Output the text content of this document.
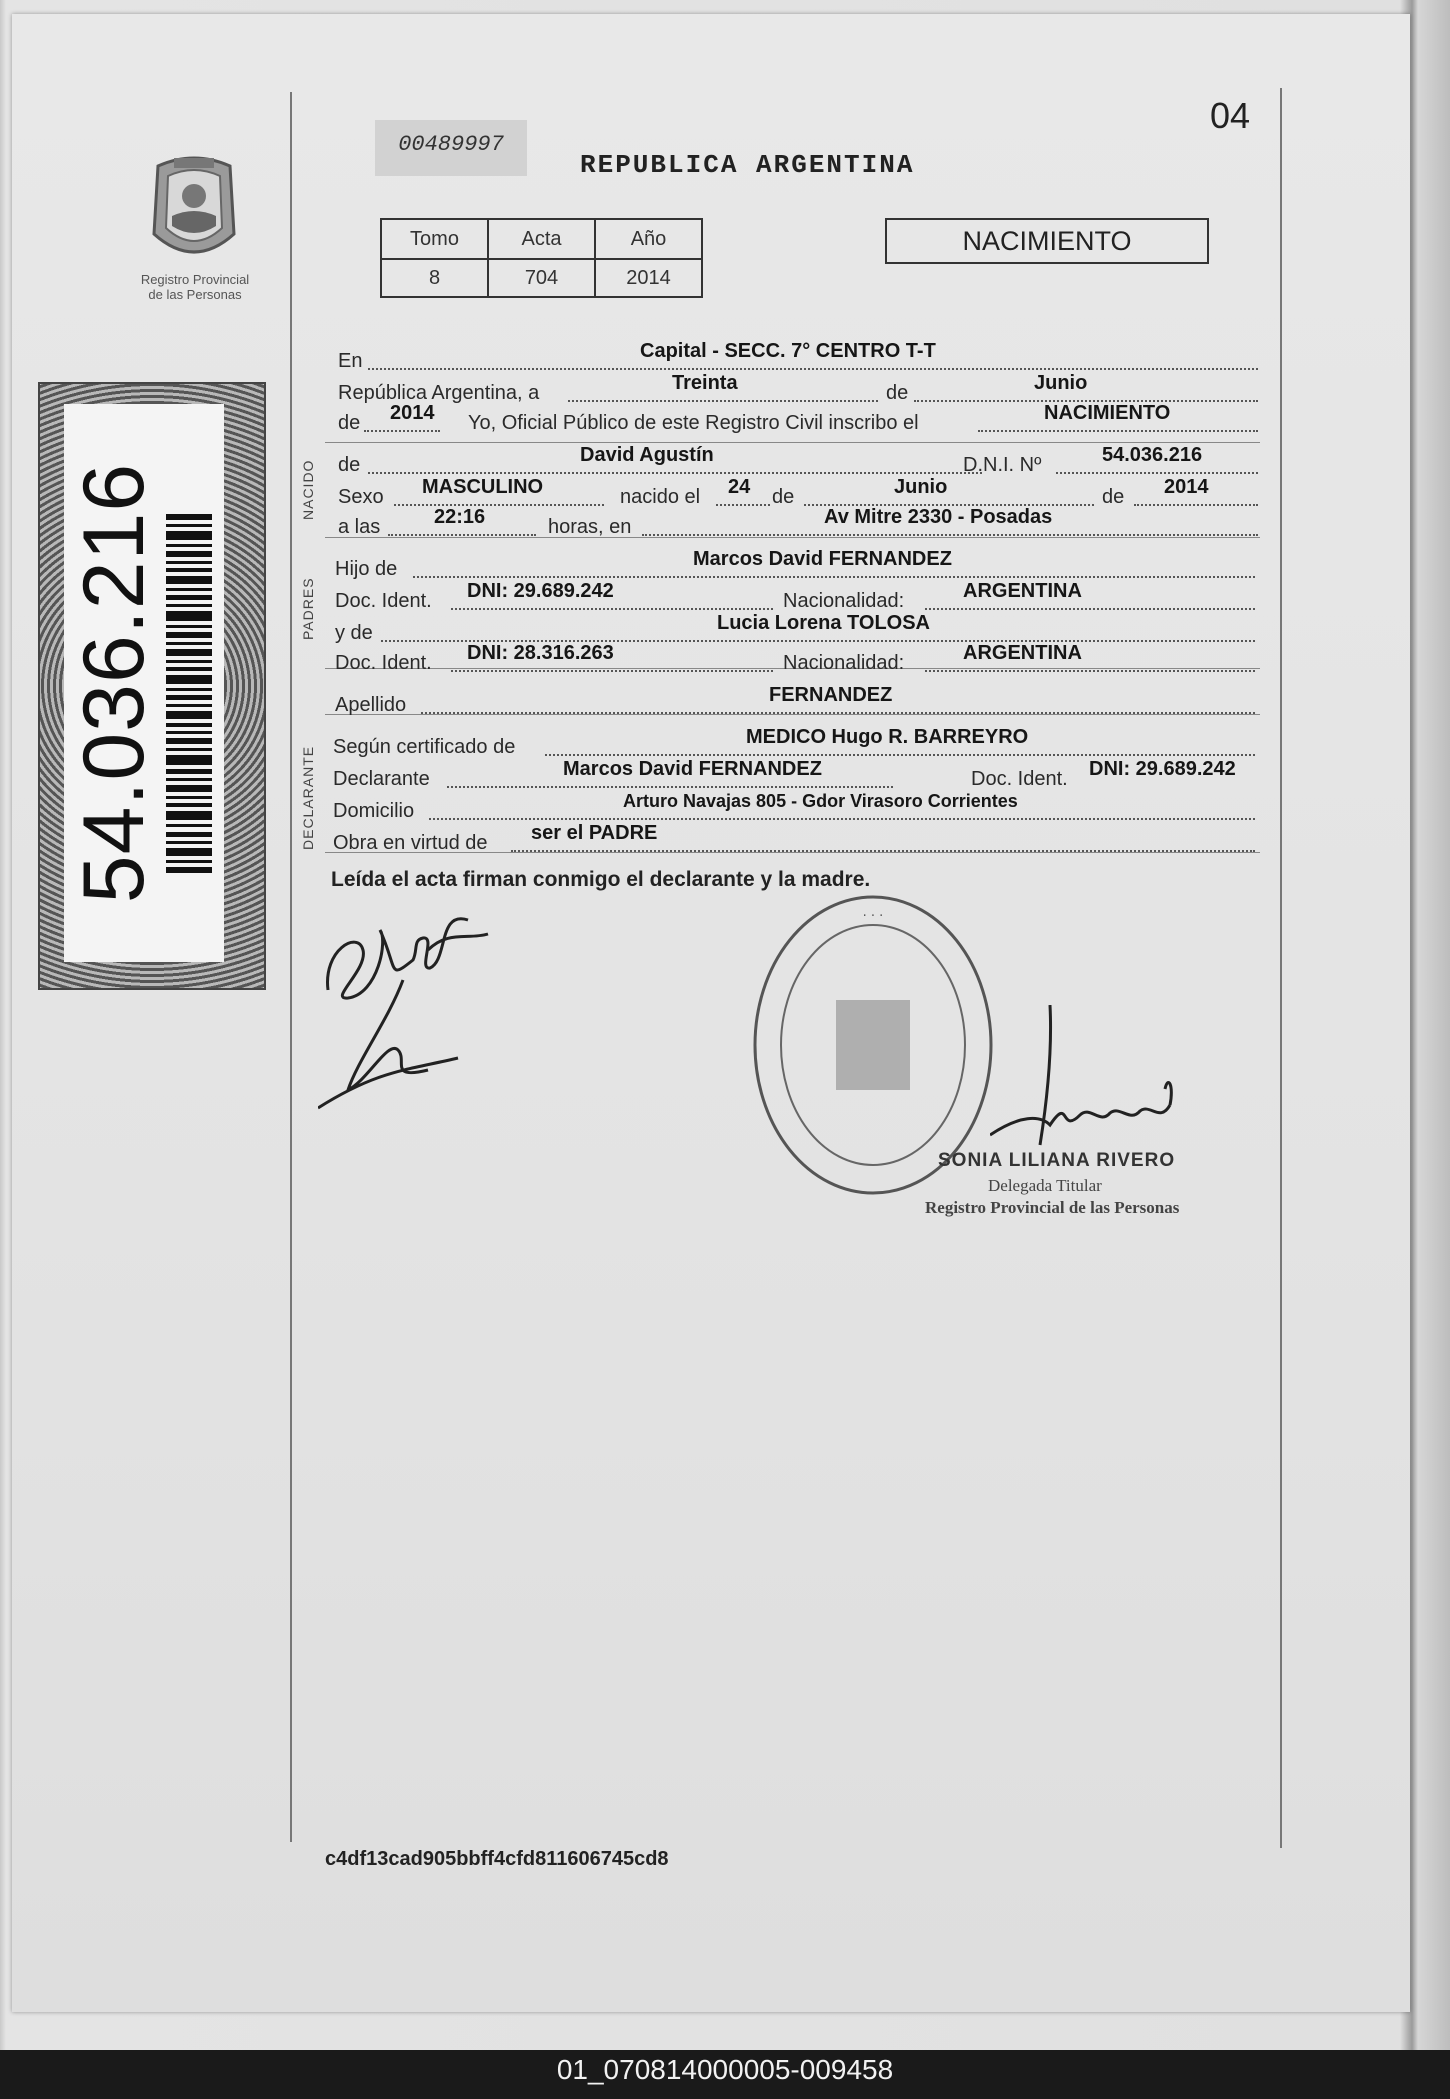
Registro Provincial
de las Personas
54.036.216
00489997
04
REPUBLICA ARGENTINA
Tomo	Acta	Año
8	704	2014
NACIMIENTO
NACIDO
PADRES
DECLARANTE
En	Capital - SECC. 7° CENTRO T-T
República Argentina, a	Treinta	de	Junio
de 2014 Yo, Oficial Público de este Registro Civil inscribo el	NACIMIENTO
de	David Agustín	D.N.I. Nº	54.036.216
Sexo MASCULINO	nacido el 24 de	Junio	de 2014
a las	22:16	horas, en	Av Mitre 2330 - Posadas
Hijo de	Marcos David FERNANDEZ
Doc. Ident. DNI: 29.689.242	Nacionalidad:	ARGENTINA
y de	Lucia Lorena TOLOSA
Doc. Ident. DNI: 28.316.263	Nacionalidad:	ARGENTINA
Apellido	FERNANDEZ
Según certificado de	MEDICO Hugo R. BARREYRO
Declarante	Marcos David FERNANDEZ	Doc. Ident. DNI: 29.689.242
Domicilio	Arturo Navajas 805 - Gdor Virasoro Corrientes
Obra en virtud de ser el PADRE
Leída el acta firman conmigo el declarante y la madre.
· · ·
SONIA LILIANA RIVERO
Delegada Titular
Registro Provincial de las Personas
c4df13cad905bbff4cfd811606745cd8
01_070814000005-009458
